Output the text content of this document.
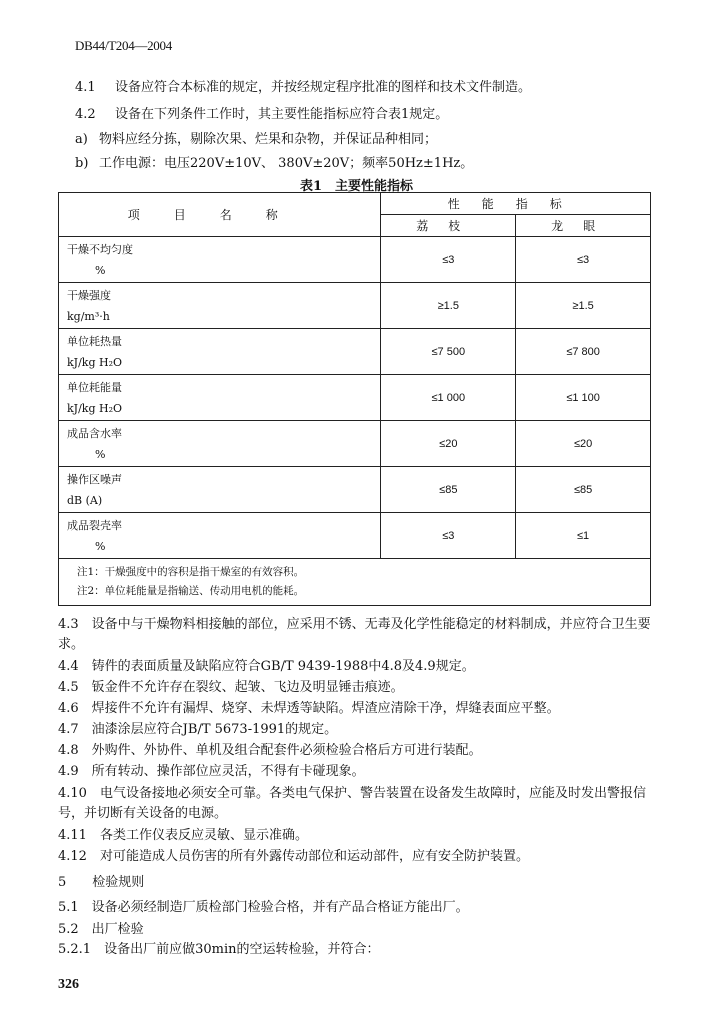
DB44/T204—2004
4.1 设备应符合本标准的规定，并按经规定程序批准的图样和技术文件制造。
4.2 设备在下列条件工作时，其主要性能指标应符合表1规定。
a) 物料应经分拣，剔除次果、烂果和杂物，并保证品种相同；
b) 工作电源：电压220V±10V、 380V±20V；频率50Hz±1Hz。
表1　主要性能指标
项目名称	性能指标	
	荔枝	龙眼

干燥不均匀度
%	≤3	≤3

干燥强度
kg/m³·h	≥1.5	≥1.5

单位耗热量
kJ/kg H₂O	≤7 500	≤7 800

单位耗能量
kJ/kg H₂O	≤1 000	≤1 100

成品含水率
%	≤20	≤20

操作区噪声
dB (A)	≤85	≤85

成品裂壳率
%	≤3	≤1

注1：干燥强度中的容积是指干燥室的有效容积。
注2：单位耗能量是指输送、传动用电机的能耗。		
4.3　设备中与干燥物料相接触的部位，应采用不锈、无毒及化学性能稳定的材料制成，并应符合卫生要
求。
4.4　铸件的表面质量及缺陷应符合GB/T 9439-1988中4.8及4.9规定。
4.5　钣金件不允许存在裂纹、起皱、飞边及明显锤击痕迹。
4.6　焊接件不允许有漏焊、烧穿、未焊透等缺陷。焊渣应清除干净，焊缝表面应平整。
4.7　油漆涂层应符合JB/T 5673-1991的规定。
4.8　外购件、外协件、单机及组合配套件必须检验合格后方可进行装配。
4.9　所有转动、操作部位应灵活，不得有卡碰现象。
4.10　电气设备接地必须安全可靠。各类电气保护、警告装置在设备发生故障时，应能及时发出警报信
号，并切断有关设备的电源。
4.11　各类工作仪表反应灵敏、显示准确。
4.12　对可能造成人员伤害的所有外露传动部位和运动部件，应有安全防护装置。
5　　检验规则
5.1　设备必须经制造厂质检部门检验合格，并有产品合格证方能出厂。
5.2　出厂检验
5.2.1　设备出厂前应做30min的空运转检验，并符合：
326
